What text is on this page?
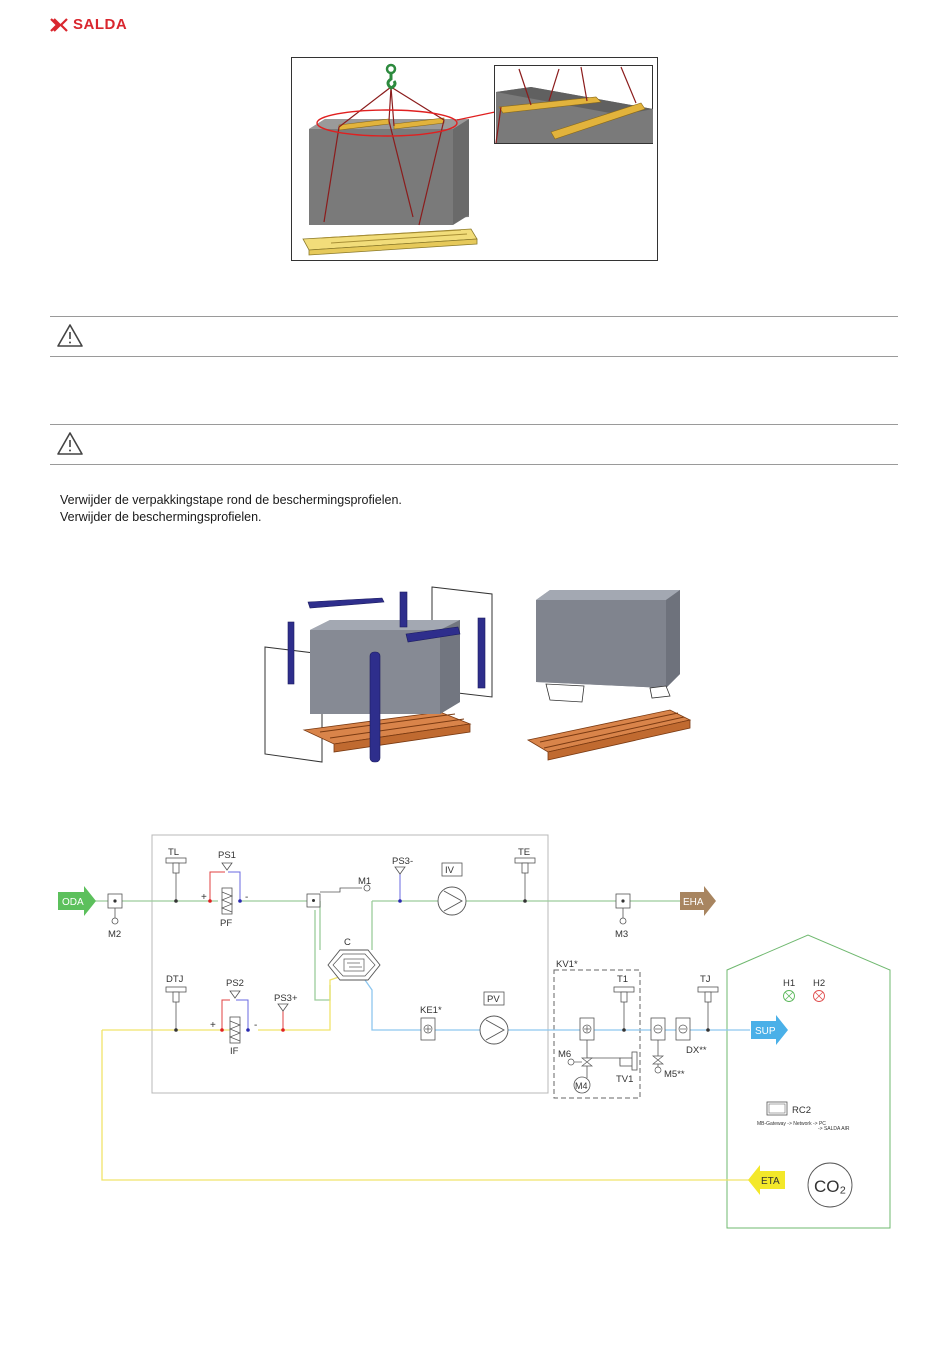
SALDA
Verwijder de verpakkingstape rond de beschermingsprofielen.
Verwijder de beschermingsprofielen.
ODA	EHA
SUP
ETA
M2	M3
TL	TE
DTJ	T1	TJ
PS1
+	-
PF
PS2
+	-
IF
PS3+
PS3-
M1
C
IV
PV
KE1*
KV1*
M6
M4
TV1	M5**
DX**
H1 H2
RC2
MB-Gateway -> Network -> PC
-> SALDA AIR
CO₂
